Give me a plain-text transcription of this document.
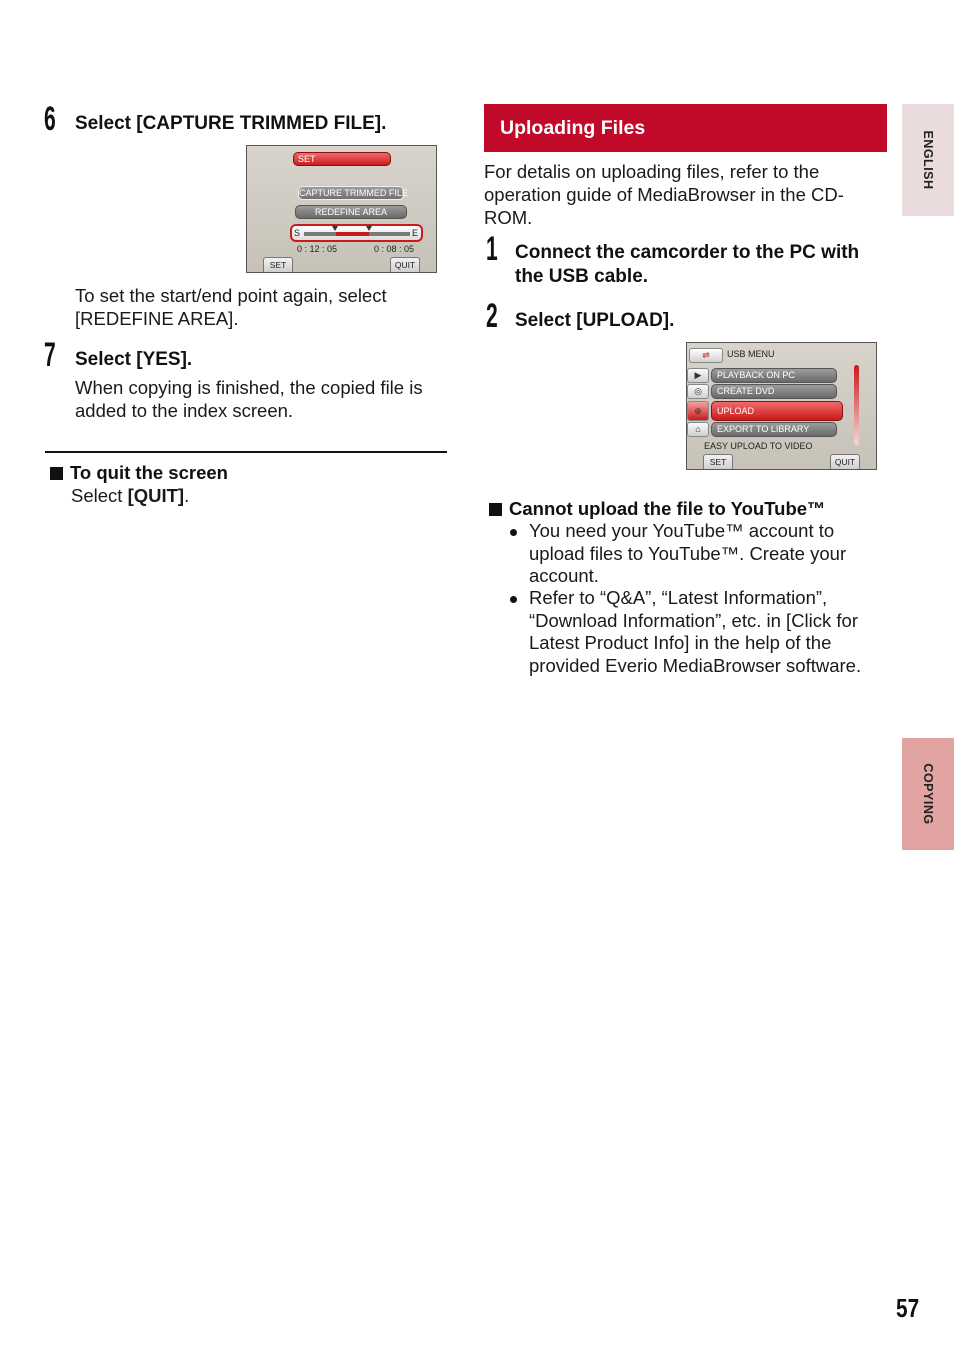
ENGLISH
COPYING
6 Select [CAPTURE TRIMMED FILE].
SET
CAPTURE TRIMMED FILE
REDEFINE AREA
S	E
0 : 12 : 05	0 : 08 : 05
SET	QUIT
To set the start/end point again, select [REDEFINE AREA].
7 Select [YES].
When copying is finished, the copied file is added to the index screen.
To quit the screen
Select [QUIT].
Uploading Files
For detalis on uploading files, refer to the operation guide of MediaBrowser in the CD-ROM.
1 Connect the camcorder to the PC with the USB cable.
2 Select [UPLOAD].
⇌	USB MENU
▶	PLAYBACK ON PC
◎	CREATE DVD
⊕	UPLOAD
⌂	EXPORT TO LIBRARY
EASY UPLOAD TO VIDEO
SET	QUIT
Cannot upload the file to YouTube™
You need your YouTube™ account to upload files to YouTube™. Create your account.
Refer to “Q&A”, “Latest Information”, “Download Information”, etc. in [Click for Latest Product Info] in the help of the provided Everio MediaBrowser software.
57
